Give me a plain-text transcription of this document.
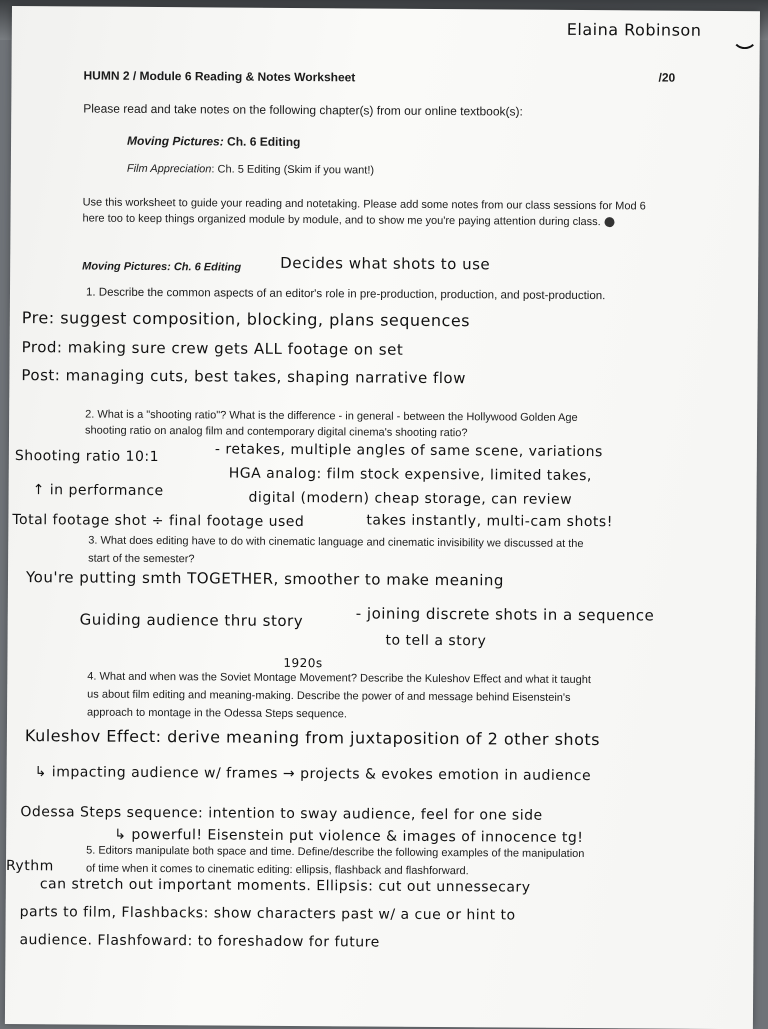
Elaina Robinson
HUMN 2 / Module 6 Reading & Notes Worksheet	/20
Please read and take notes on the following chapter(s) from our online textbook(s):
Moving Pictures: Ch. 6 Editing
Film Appreciation: Ch. 5 Editing (Skim if you want!)
Use this worksheet to guide your reading and notetaking. Please add some notes from our class sessions for Mod 6
here too to keep things organized module by module, and to show me you're paying attention during class.
Moving Pictures: Ch. 6 Editing	Decides what shots to use
1. Describe the common aspects of an editor's role in pre-production, production, and post-production.
Pre: suggest composition, blocking, plans sequences
Prod: making sure crew gets ALL footage on set
Post: managing cuts, best takes, shaping narrative flow
2. What is a "shooting ratio"? What is the difference - in general - between the Hollywood Golden Age
shooting ratio on analog film and contemporary digital cinema's shooting ratio?
Shooting ratio 10:1	- retakes, multiple angles of same scene, variations
HGA analog: film stock expensive, limited takes,
↑ in performance	digital (modern) cheap storage, can review
Total footage shot ÷ final footage used	takes instantly, multi-cam shots!
3. What does editing have to do with cinematic language and cinematic invisibility we discussed at the
start of the semester?
You're putting smth TOGETHER, smoother to make meaning
Guiding audience thru story	- joining discrete shots in a sequence
to tell a story
1920s
4. What and when was the Soviet Montage Movement? Describe the Kuleshov Effect and what it taught
us about film editing and meaning-making. Describe the power of and message behind Eisenstein's
approach to montage in the Odessa Steps sequence.
Kuleshov Effect: derive meaning from juxtaposition of 2 other shots
↳ impacting audience w/ frames → projects & evokes emotion in audience
Odessa Steps sequence: intention to sway audience, feel for one side
↳ powerful! Eisenstein put violence & images of innocence tg!
5. Editors manipulate both space and time. Define/describe the following examples of the manipulation
of time when it comes to cinematic editing: ellipsis, flashback and flashforward.
Rythm
can stretch out important moments. Ellipsis: cut out unnessecary
parts to film, Flashbacks: show characters past w/ a cue or hint to
audience. Flashfoward: to foreshadow for future
